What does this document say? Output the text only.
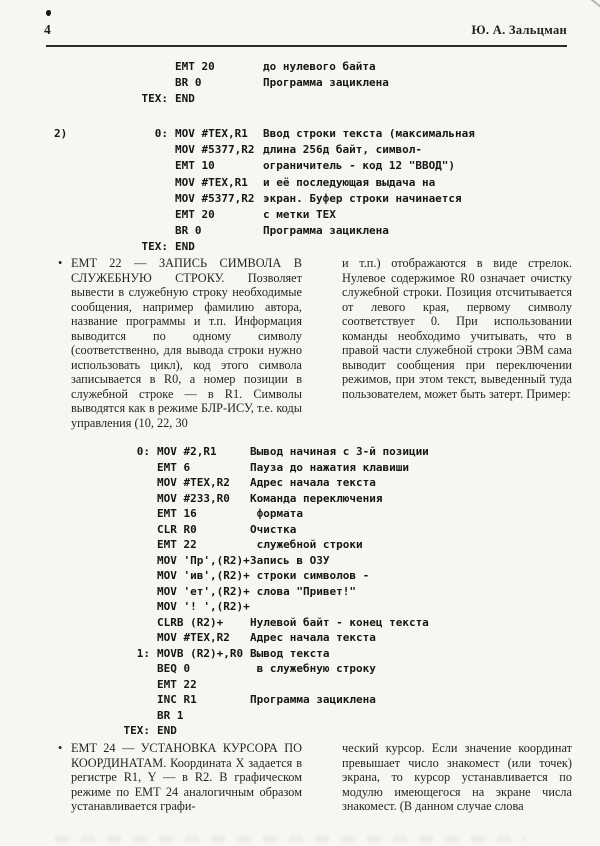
4	Ю. А. Зальцман
EMT 20	до нулевого байта
BR 0	Программа зациклена
TEX: END
2)	0: MOV #TEX,R1	Ввод строки текста (максимальная
MOV #5377,R2 длина 256д байт, символ-
EMT 10	ограничитель - код 12 "ВВОД")
MOV #TEX,R1	и её последующая выдача на
MOV #5377,R2 экран. Буфер строки начинается
EMT 20	с метки TEX
BR 0	Программа зациклена
TEX: END
• EMT 22 — ЗАПИСЬ СИМВОЛА В СЛУЖЕБНУЮ СТРОКУ. Позволяет вывести в служебную строку необходимые сообщения, например фамилию автора, название программы и т.п. Информация выводится по одному символу (соответственно, для вывода строки нужно использовать цикл), код этого символа записывается в R0, а номер позиции в служебной строке — в R1. Символы выводятся как в режиме БЛР-ИСУ, т.е. коды управления (10, 22, 30
и т.п.) отображаются в виде стрелок. Нулевое содержимое R0 означает очистку служебной строки. Позиция отсчитывается от левого края, первому символу соответствует 0. При использовании команды необходимо учитывать, что в правой части служебной строки ЭВМ сама выводит сообщения при переключении режимов, при этом текст, выведенный туда пользователем, может быть затерт. Пример:
0: MOV #2,R1	Вывод начиная с 3-й позиции
EMT 6	Пауза до нажатия клавиши
MOV #TEX,R2	Адрес начала текста
MOV #233,R0	Команда переключения
EMT 16	формата
CLR R0	Очистка
EMT 22	служебной строки
MOV 'Пр',(R2)+ Запись в ОЗУ
MOV 'ив',(R2)+ строки символов -
MOV 'ет',(R2)+ слова "Привет!"
MOV '! ',(R2)+
CLRB (R2)+	Нулевой байт - конец текста
MOV #TEX,R2	Адрес начала текста
1: MOVB (R2)+,R0 Вывод текста
BEQ 0	в служебную строку
EMT 22
INC R1	Программа зациклена
BR 1
TEX: END
• EMT 24 — УСТАНОВКА КУРСОРА ПО КООРДИНАТАМ. Координата X задается в регистре R1, Y — в R2. В графическом режиме по EMT 24 аналогичным образом устанавливается графи-
ческий курсор. Если значение координат превышает число знакомест (или точек) экрана, то курсор устанавливается по модулю имеющегося на экране числа знакомест. (В данном случае слова
